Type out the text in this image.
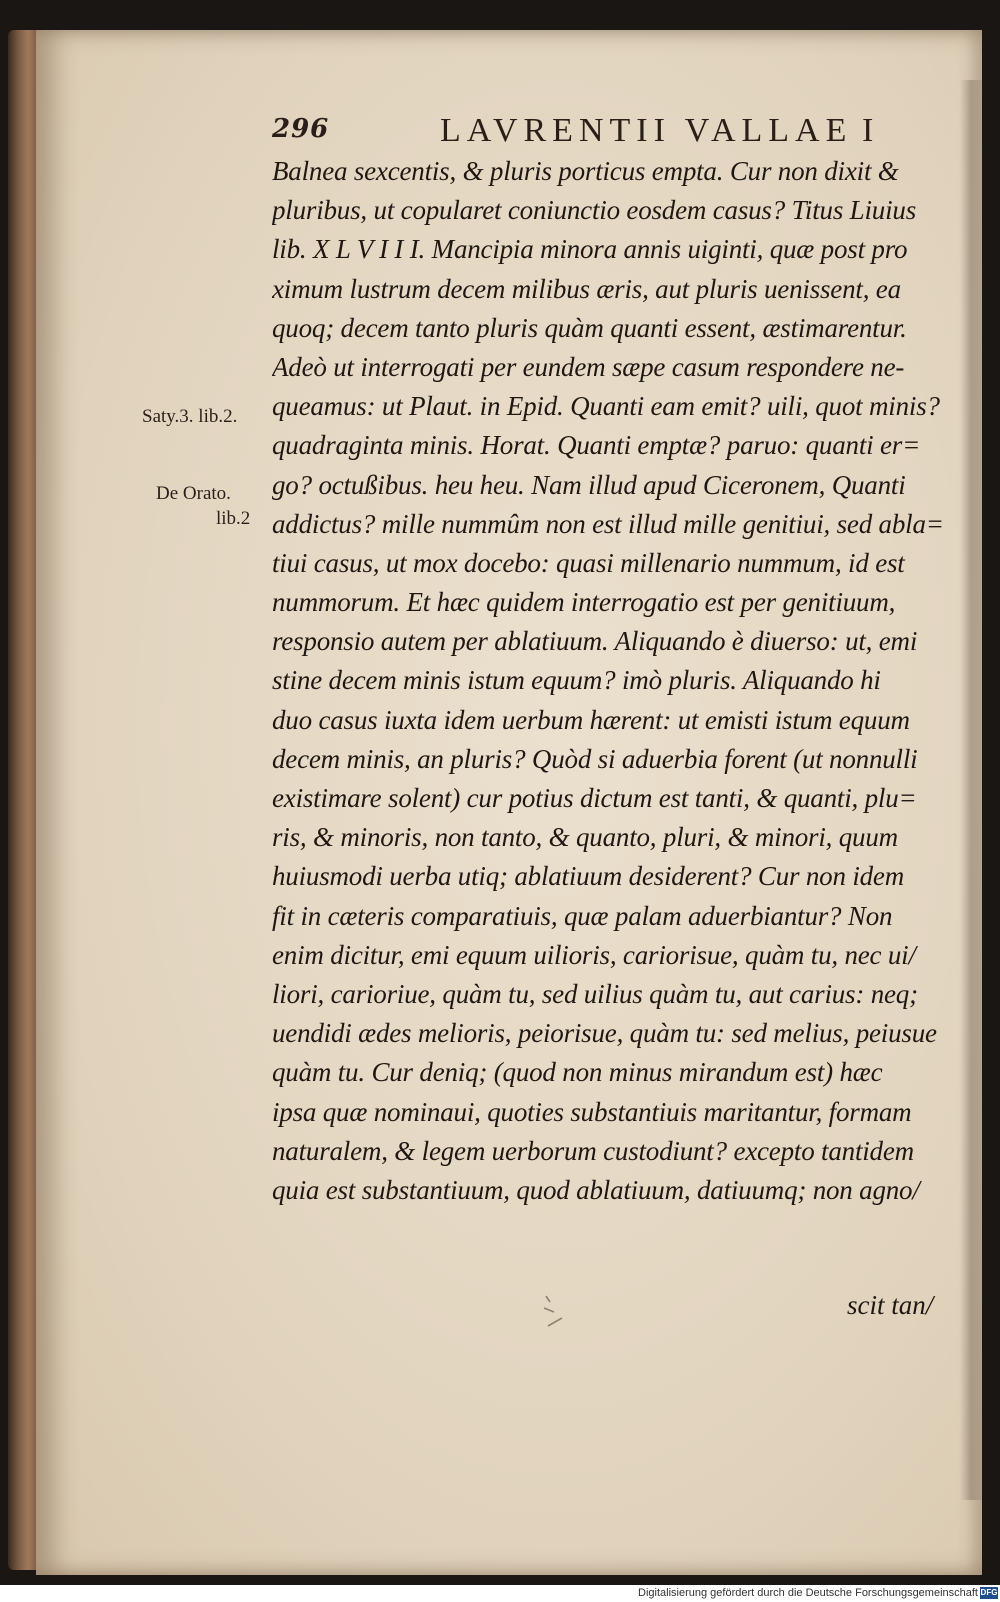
296	LAVRENTII VALLAE I
Saty.3. lib.2.
De Orato.
lib.2
Balnea sexcentis, & pluris porticus empta. Cur non dixit &
pluribus, ut copularet coniunctio eosdem casus? Titus Liuius
lib. X L V I I I. Mancipia minora annis uiginti, quæ post pro
ximum lustrum decem milibus æris, aut pluris uenissent, ea
quoq; decem tanto pluris quàm quanti essent, æstimarentur.
Adeò ut interrogati per eundem sæpe casum respondere ne-
queamus: ut Plaut. in Epid. Quanti eam emit? uili, quot minis?
quadraginta minis. Horat. Quanti emptæ? paruo: quanti er=
go? octußibus. heu heu. Nam illud apud Ciceronem, Quanti
addictus? mille nummûm non est illud mille genitiui, sed abla=
tiui casus, ut mox docebo: quasi millenario nummum, id est
nummorum. Et hæc quidem interrogatio est per genitiuum,
responsio autem per ablatiuum. Aliquando è diuerso: ut, emi
stine decem minis istum equum? imò pluris. Aliquando hi
duo casus iuxta idem uerbum hærent: ut emisti istum equum
decem minis, an pluris? Quòd si aduerbia forent (ut nonnulli
existimare solent) cur potius dictum est tanti, & quanti, plu=
ris, & minoris, non tanto, & quanto, pluri, & minori, quum
huiusmodi uerba utiq; ablatiuum desiderent? Cur non idem
fit in cæteris comparatiuis, quæ palam aduerbiantur? Non
enim dicitur, emi equum uilioris, cariorisue, quàm tu, nec ui/
liori, carioriue, quàm tu, sed uilius quàm tu, aut carius: neq;
uendidi ædes melioris, peiorisue, quàm tu: sed melius, peiusue
quàm tu. Cur deniq; (quod non minus mirandum est) hæc
ipsa quæ nominaui, quoties substantiuis maritantur, formam
naturalem, & legem uerborum custodiunt? excepto tantidem
quia est substantiuum, quod ablatiuum, datiuumq; non agno/
scit tan/
Digitalisierung gefördert durch die Deutsche Forschungsgemeinschaft DFG
